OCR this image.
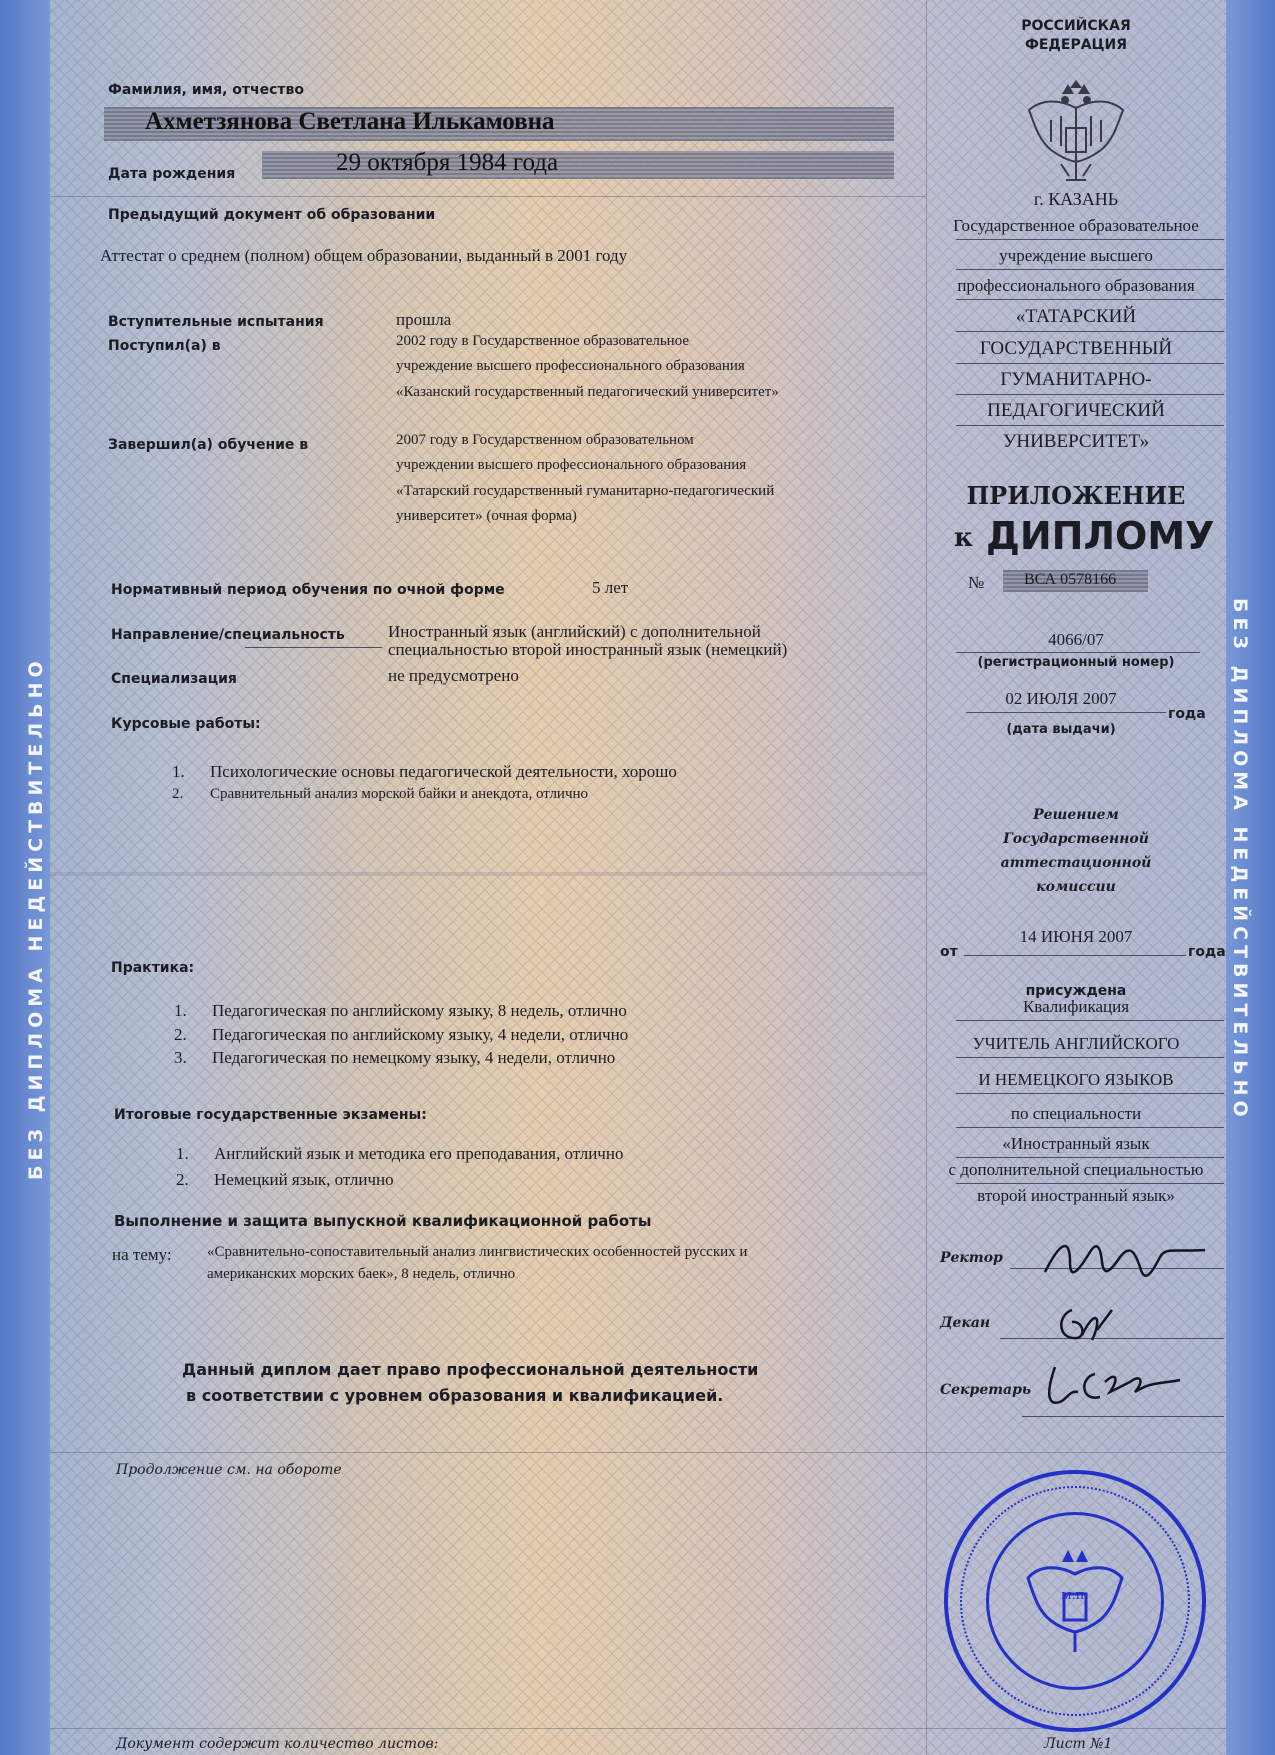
БЕЗ ДИПЛОМА НЕДЕЙСТВИТЕЛЬНО	БЕЗ ДИПЛОМА НЕДЕЙСТВИТЕЛЬНО
Фамилия, имя, отчество
Ахметзянова Светлана Илькамовна
Дата рождения	29 октября 1984 года
Предыдущий документ об образовании
Аттестат о среднем (полном) общем образовании, выданный в 2001 году
Вступительные испытания	прошла
Поступил(а) в	2002 году в Государственное образовательное
учреждение высшего профессионального образования
«Казанский государственный педагогический университет»
Завершил(а) обучение в	2007 году в Государственном образовательном
учреждении высшего профессионального образования
«Татарский государственный гуманитарно-педагогический
университет» (очная форма)
Нормативный период обучения по очной форме	5 лет
Направление/специальность	Иностранный язык (английский) с дополнительной
специальностью второй иностранный язык (немецкий)
Специализация	не предусмотрено
Курсовые работы:
1. Психологические основы педагогической деятельности, хорошо
2. Сравнительный анализ морской байки и анекдота, отлично
Практика:
1. Педагогическая по английскому языку, 8 недель, отлично
2. Педагогическая по английскому языку, 4 недели, отлично
3. Педагогическая по немецкому языку, 4 недели, отлично
Итоговые государственные экзамены:
1. Английский язык и методика его преподавания, отлично
2. Немецкий язык, отлично
Выполнение и защита выпускной квалификационной работы
на тему: «Сравнительно-сопоставительный анализ лингвистических особенностей русских и
американских морских баек», 8 недель, отлично
Данный диплом дает право профессиональной деятельности
в соответствии с уровнем образования и квалификацией.
Продолжение см. на обороте
Документ содержит количество листов:
РОССИЙСКАЯ
ФЕДЕРАЦИЯ
г. КАЗАНЬ
Государственное образовательное
учреждение высшего
профессионального образования
«ТАТАРСКИЙ
ГОСУДАРСТВЕННЫЙ
ГУМАНИТАРНО-
ПЕДАГОГИЧЕСКИЙ
УНИВЕРСИТЕТ»
ПРИЛОЖЕНИЕ
к ДИПЛОМУ
№ ВСА 0578166
4066/07
(регистрационный номер)
02 ИЮЛЯ 2007
года
(дата выдачи)
Решением
Государственной
аттестационной
комиссии
от
14 ИЮНЯ 2007
года
присуждена
Квалификация
УЧИТЕЛЬ АНГЛИЙСКОГО
И НЕМЕЦКОГО ЯЗЫКОВ
по специальности
«Иностранный язык
с дополнительной специальностью
второй иностранный язык»
Ректор
Декан
Секретарь
м.п.
Лист №1
